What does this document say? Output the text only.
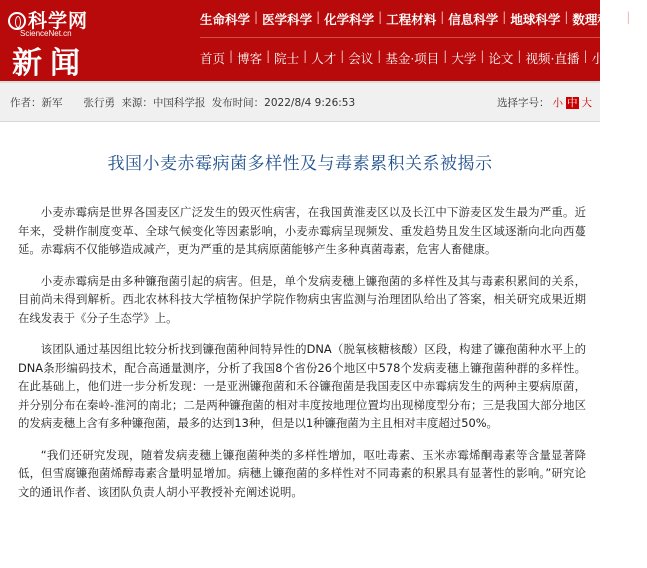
科学网
ScienceNet.cn
新闻
生命科学 | 医学科学 | 化学科学 | 工程材料 | 信息科学 | 地球科学 | 数理科学 | 管
首页 | 博客 | 院士 | 人才 | 会议 | 基金·项目 | 大学 | 论文 | 视频·直播 | 小柯
作者：新军　　张行勇 来源：中国科学报 发布时间：2022/8/4 9:26:53	选择字号： 小 中 大
我国小麦赤霉病菌多样性及与毒素累积关系被揭示

小麦赤霉病是世界各国麦区广泛发生的毁灭性病害，在我国黄淮麦区以及长江中下游麦区发生最为严重。近年来，受耕作制度变革、全球气候变化等因素影响，小麦赤霉病呈现频发、重发趋势且发生区域逐渐向北向西蔓延。赤霉病不仅能够造成减产，更为严重的是其病原菌能够产生多种真菌毒素，危害人畜健康。

小麦赤霉病是由多种镰孢菌引起的病害。但是，单个发病麦穗上镰孢菌的多样性及其与毒素积累间的关系，目前尚未得到解析。西北农林科技大学植物保护学院作物病虫害监测与治理团队给出了答案，相关研究成果近期在线发表于《分子生态学》上。

该团队通过基因组比较分析找到镰孢菌种间特异性的DNA（脱氧核糖核酸）区段，构建了镰孢菌种水平上的DNA条形编码技术，配合高通量测序，分析了我国8个省份26个地区中578个发病麦穗上镰孢菌种群的多样性。在此基础上，他们进一步分析发现：一是亚洲镰孢菌和禾谷镰孢菌是我国麦区中赤霉病发生的两种主要病原菌，并分别分布在秦岭-淮河的南北；二是两种镰孢菌的相对丰度按地理位置均出现梯度型分布；三是我国大部分地区的发病麦穗上含有多种镰孢菌，最多的达到13种，但是以1种镰孢菌为主且相对丰度超过50%。

“我们还研究发现，随着发病麦穗上镰孢菌种类的多样性增加，呕吐毒素、玉米赤霉烯酮毒素等含量显著降低，但雪腐镰孢菌烯醇毒素含量明显增加。病穗上镰孢菌的多样性对不同毒素的积累具有显著性的影响。”研究论文的通讯作者、该团队负责人胡小平教授补充阐述说明。
